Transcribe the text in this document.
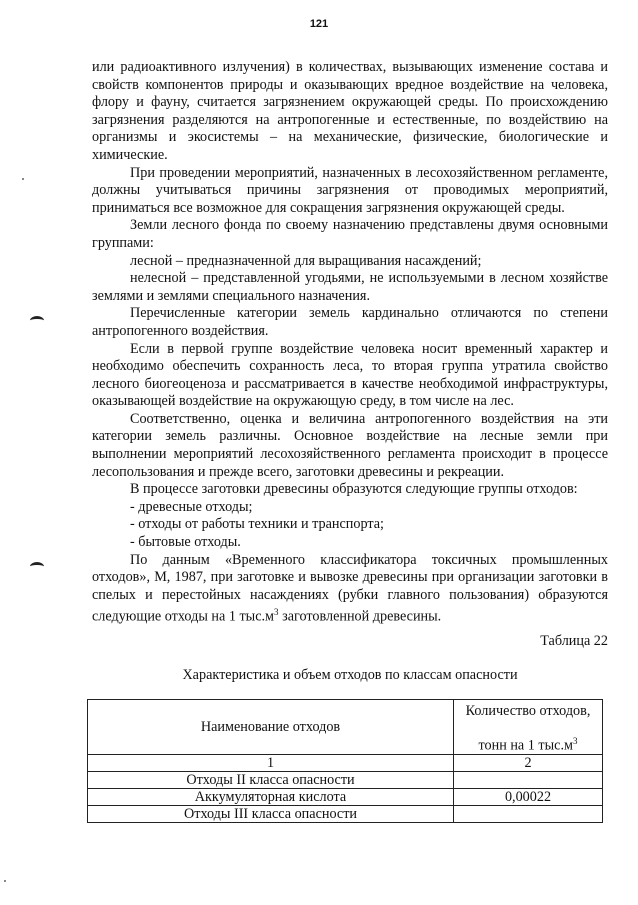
121

или радиоактивного излучения) в количествах, вызывающих изменение состава и свойств компонентов природы и оказывающих вредное воздействие на человека, флору и фауну, считается загрязнением окружающей среды. По происхождению загрязнения разделяются на антропогенные и естественные, по воздействию на организмы и экосистемы – на механические, физические, биологические и химические.

При проведении мероприятий, назначенных в лесохозяйственном регламенте, должны учитываться причины загрязнения от проводимых мероприятий, приниматься все возможное для сокращения загрязнения окружающей среды.

Земли лесного фонда по своему назначению представлены двумя основными группами:

лесной – предназначенной для выращивания насаждений;

нелесной – представленной угодьями, не используемыми в лесном хозяйстве землями и землями специального назначения.

Перечисленные категории земель кардинально отличаются по степени антропогенного воздействия.

Если в первой группе воздействие человека носит временный характер и необходимо обеспечить сохранность леса, то вторая группа утратила свойство лесного биогеоценоза и рассматривается в качестве необходимой инфраструктуры, оказывающей воздействие на окружающую среду, в том числе на лес.

Соответственно, оценка и величина антропогенного воздействия на эти категории земель различны. Основное воздействие на лесные земли при выполнении мероприятий лесохозяйственного регламента происходит в процессе лесопользования и прежде всего, заготовки древесины и рекреации.

В процессе заготовки древесины образуются следующие группы отходов:

- древесные отходы;

- отходы от работы техники и транспорта;

- бытовые отходы.

По данным «Временного классификатора токсичных промышленных отходов», М, 1987, при заготовке и вывозке древесины при организации заготовки в спелых и перестойных насаждениях (рубки главного пользования) образуются следующие отходы на 1 $тыс.м^3$ заготовленной древесины.

Таблица 22
Характеристика и объем отходов по классам опасности
Наименование отходов	Количество отходов,
тонн на 1 $тыс.м^3$

1	2
Отходы II класса опасности	
Аккумуляторная кислота	0,00022
Отходы III класса опасности	
